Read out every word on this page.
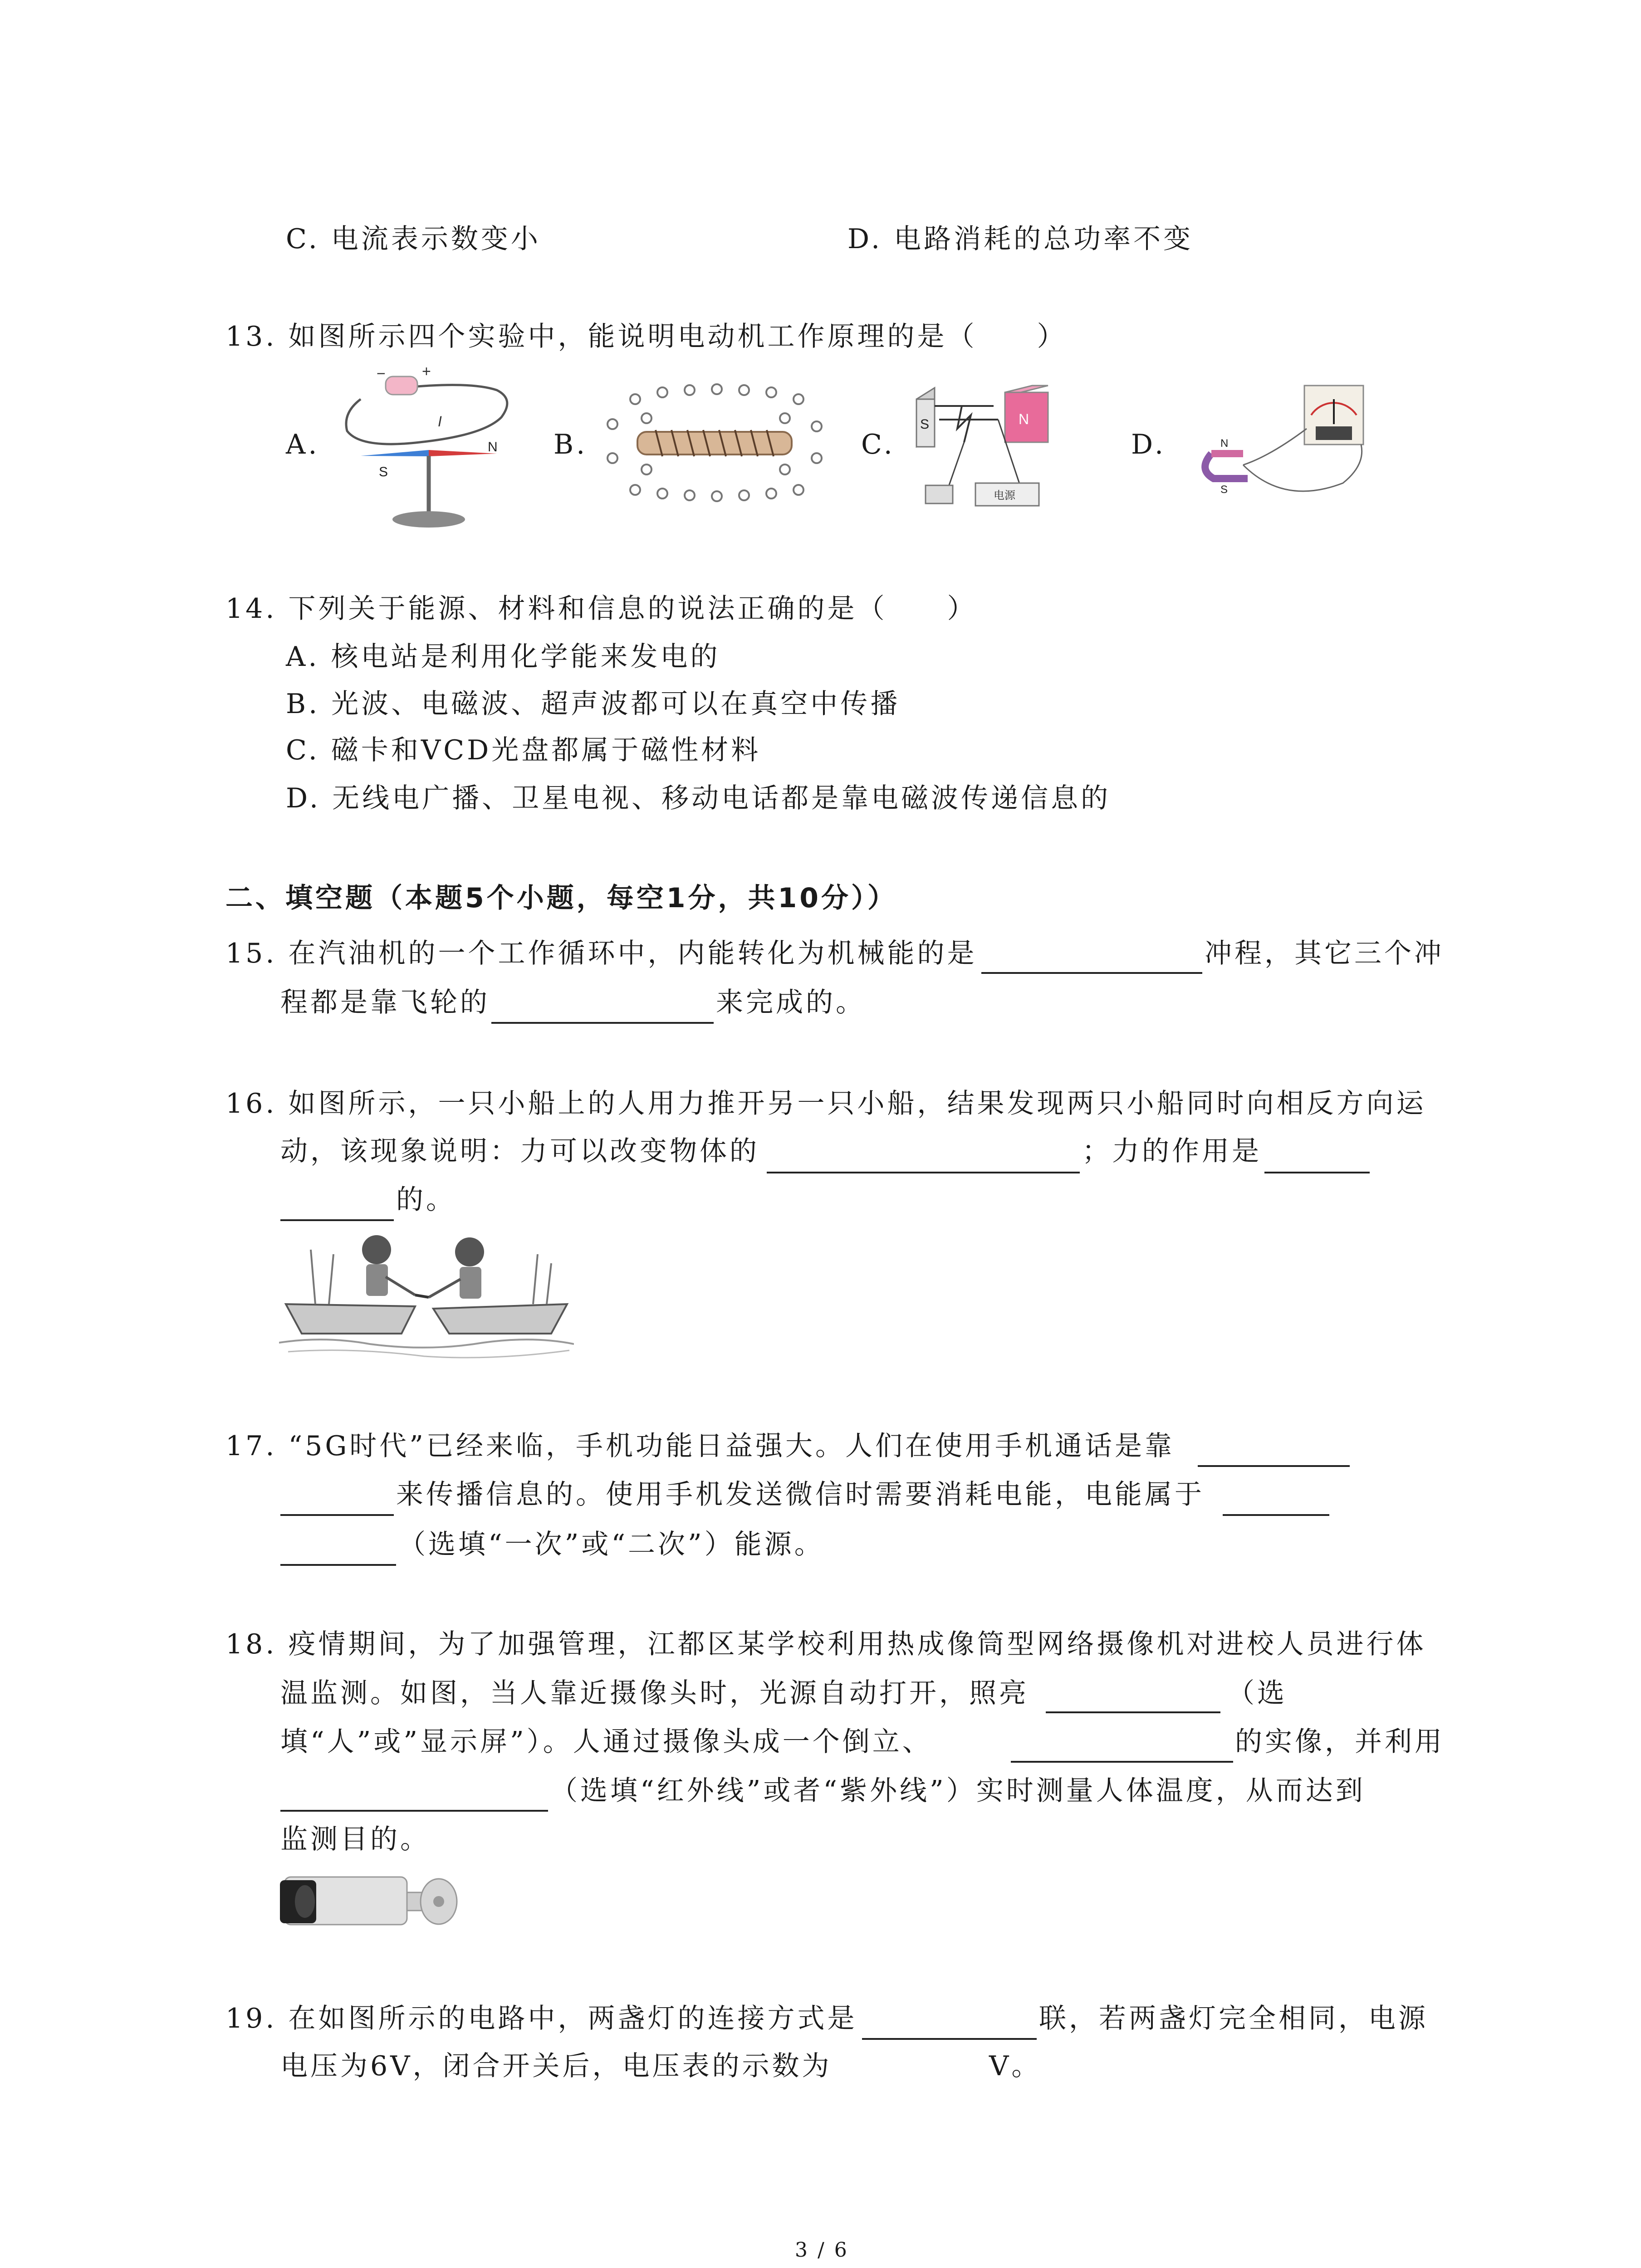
C. 电流表示数变小	D. 电路消耗的总功率不变
13. 如图所示四个实验中，能说明电动机工作原理的是（　　）
A.	B.	C.	D.
− +
I
S
N
S	N
电源
N
S
14. 下列关于能源、材料和信息的说法正确的是（　　）
A. 核电站是利用化学能来发电的
B. 光波、电磁波、超声波都可以在真空中传播
C. 磁卡和VCD光盘都属于磁性材料
D. 无线电广播、卫星电视、移动电话都是靠电磁波传递信息的
二、填空题（本题5个小题，每空1分，共10分））
15. 在汽油机的一个工作循环中，内能转化为机械能的是	冲程，其它三个冲
程都是靠飞轮的	来完成的。
16. 如图所示，一只小船上的人用力推开另一只小船，结果发现两只小船同时向相反方向运
动，该现象说明：力可以改变物体的	；力的作用是
的。
17. “5G时代”已经来临，手机功能日益强大。人们在使用手机通话是靠
来传播信息的。使用手机发送微信时需要消耗电能，电能属于
（选填“一次”或“二次”）能源。
18. 疫情期间，为了加强管理，江都区某学校利用热成像筒型网络摄像机对进校人员进行体
温监测。如图，当人靠近摄像头时，光源自动打开，照亮	（选
填“人”或”显示屏”）。人通过摄像头成一个倒立、	的实像，并利用
（选填“红外线”或者“紫外线”）实时测量人体温度，从而达到
监测目的。
19. 在如图所示的电路中，两盏灯的连接方式是	联，若两盏灯完全相同，电源
电压为6V，闭合开关后，电压表的示数为	V。
3 / 6
